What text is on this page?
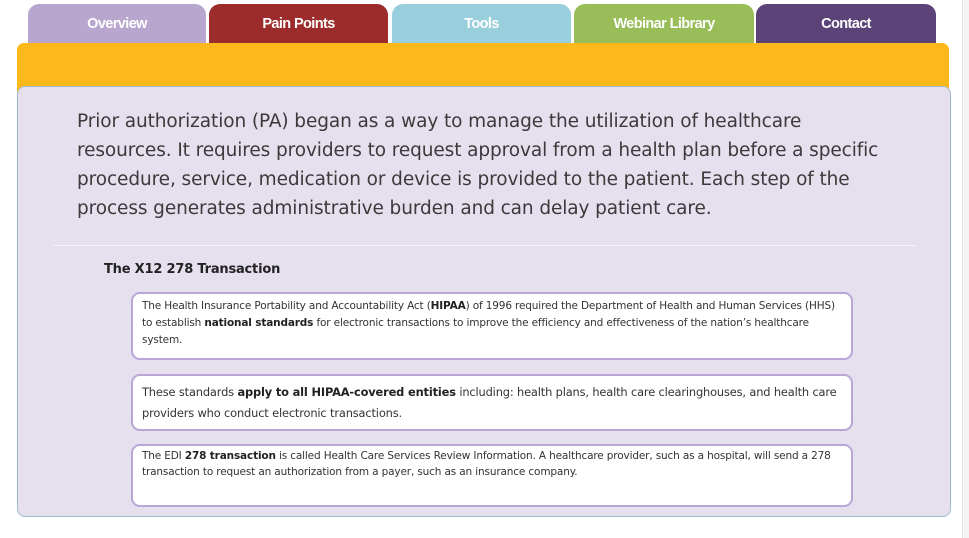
Overview	Pain Points	Tools	Webinar Library	Contact

Prior authorization (PA) began as a way to manage the utilization of healthcare resources. It requires providers to request approval from a health plan before a specific procedure, service, medication or device is provided to the patient. Each step of the process generates administrative burden and can delay patient care.

The X12 278 Transaction
The Health Insurance Portability and Accountability Act (HIPAA) of 1996 required the Department of Health and Human Services (HHS) to establish national standards for electronic transactions to improve the efficiency and effectiveness of the nation’s healthcare system.
These standards apply to all HIPAA-covered entities including: health plans, health care clearinghouses, and health care providers who conduct electronic transactions.
The EDI 278 transaction is called Health Care Services Review Information. A healthcare provider, such as a hospital, will send a 278 transaction to request an authorization from a payer, such as an insurance company.
